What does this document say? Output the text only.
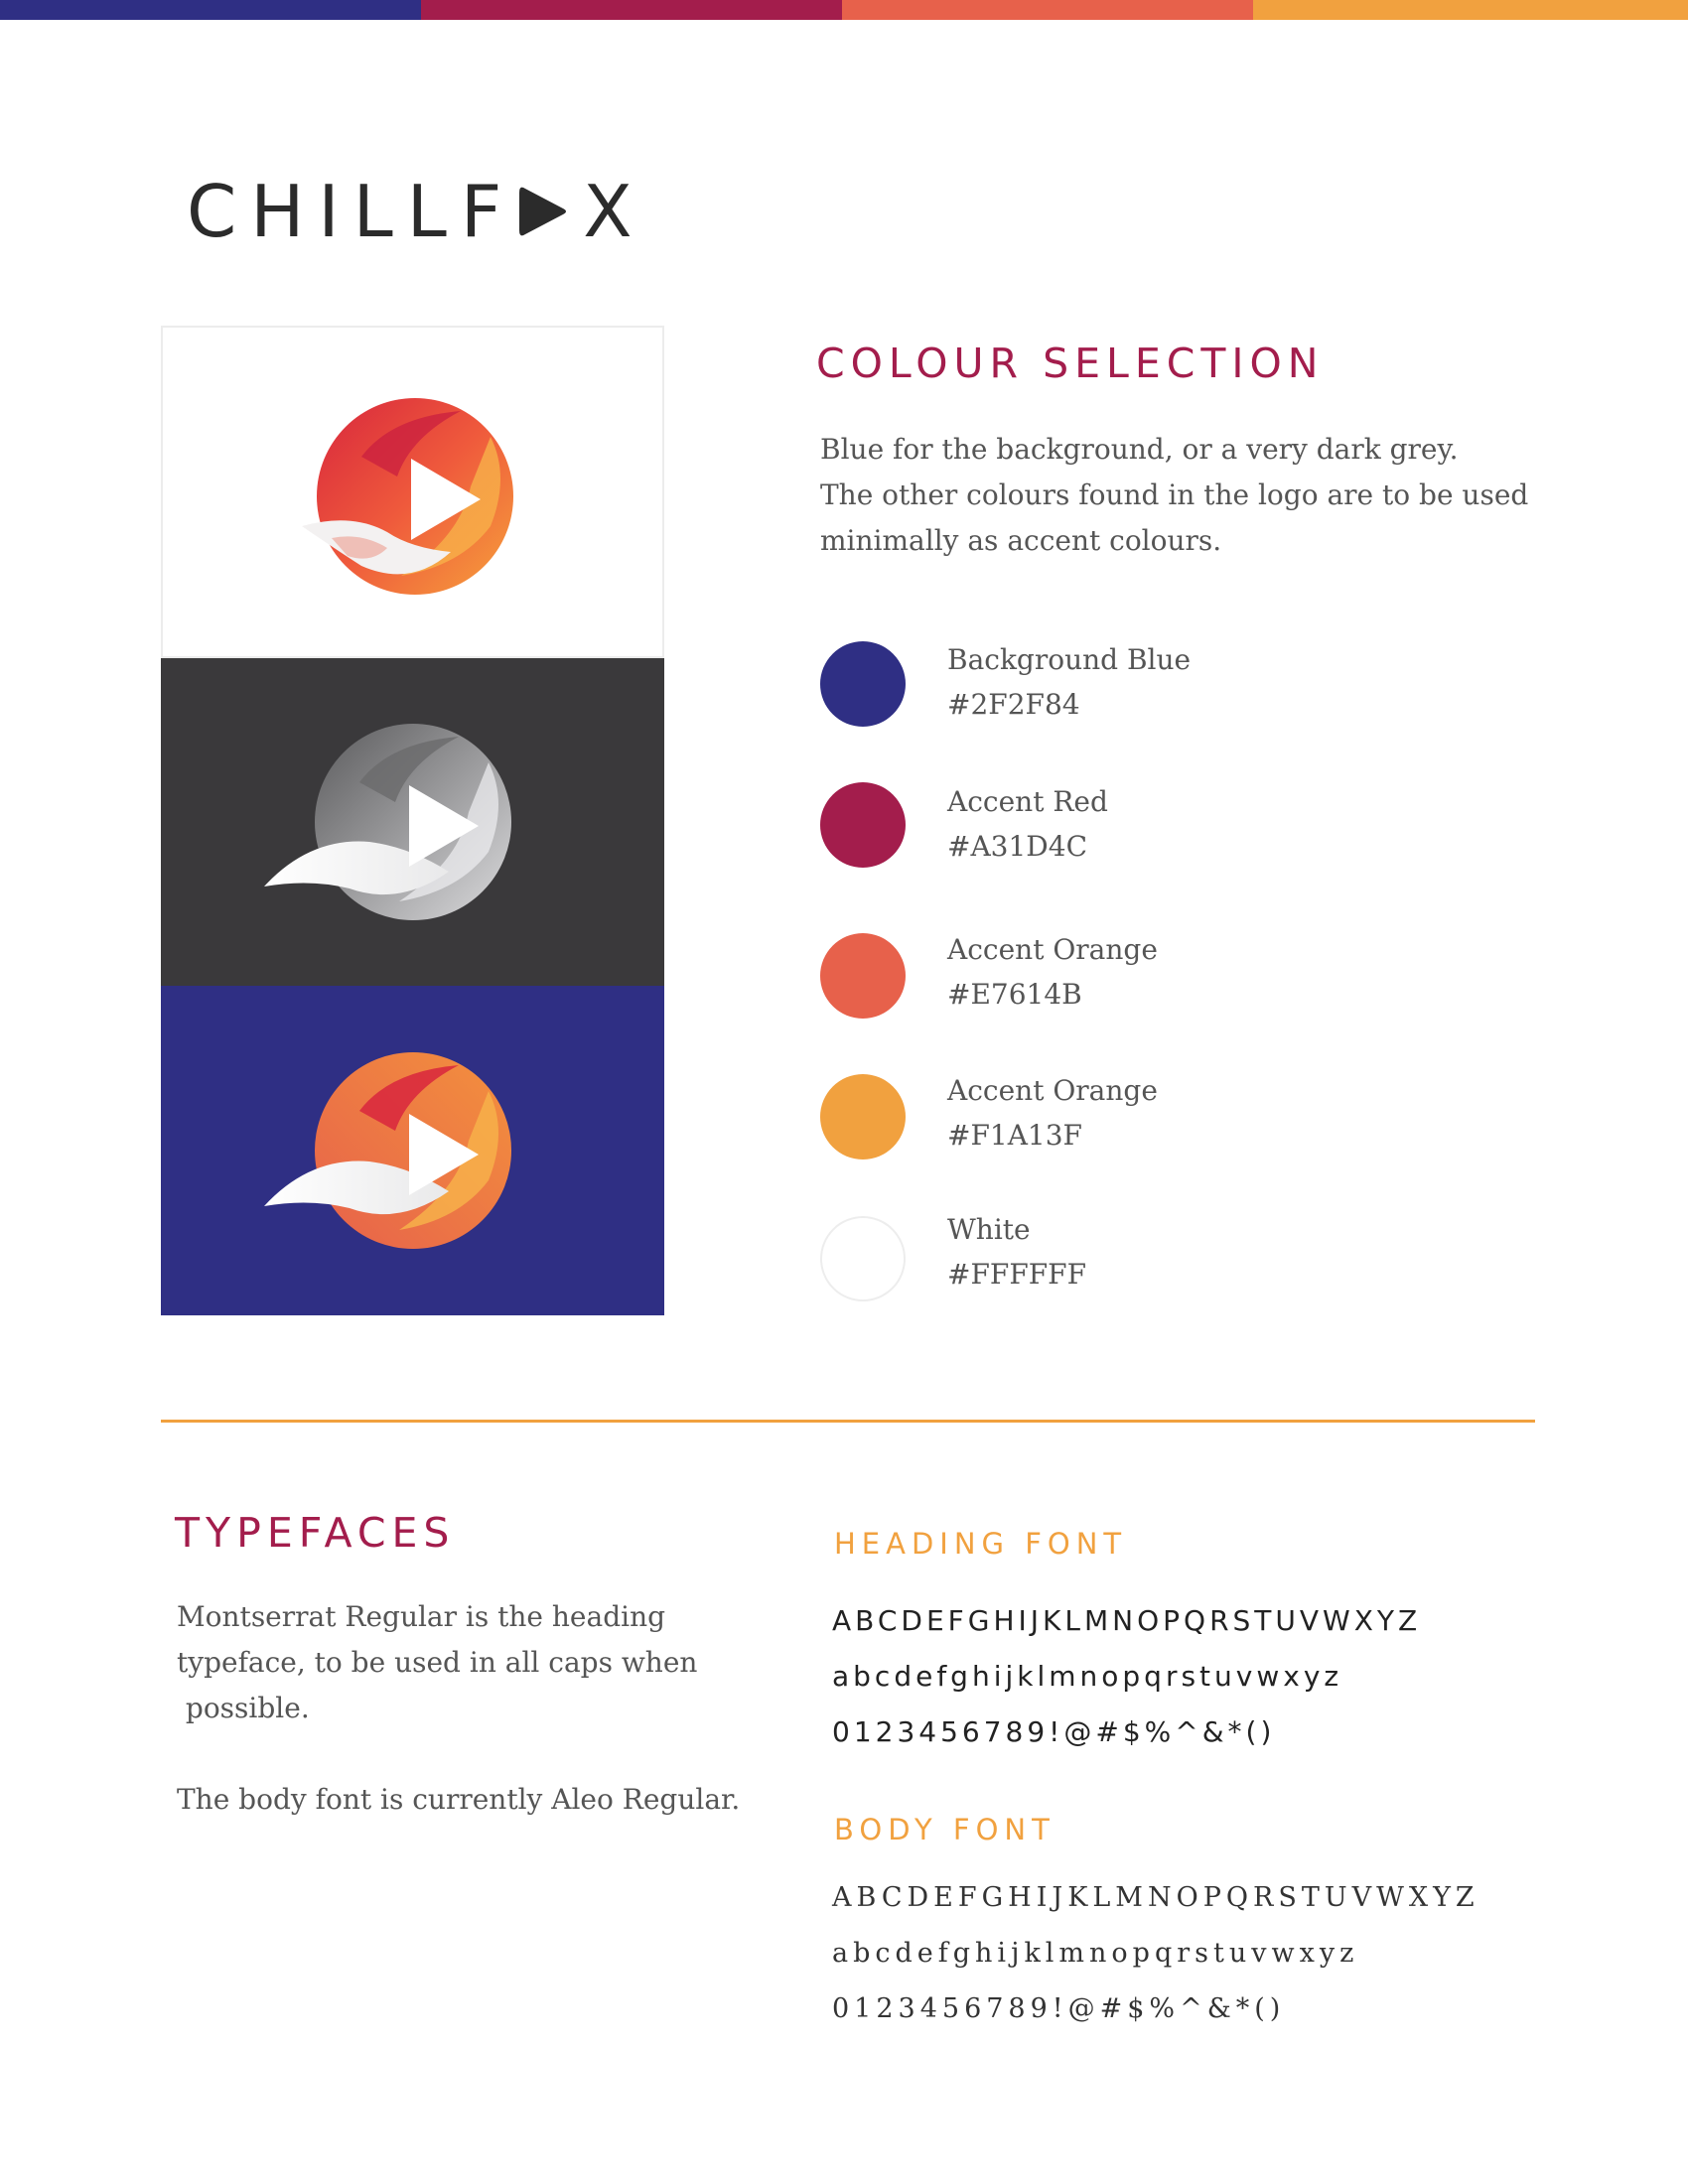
CHILLF X
COLOUR SELECTION
Blue for the background, or a very dark grey.
The other colours found in the logo are to be used
minimally as accent colours.
Background Blue
#2F2F84
Accent Red
#A31D4C
Accent Orange
#E7614B
Accent Orange
#F1A13F
White
#FFFFFF
TYPEFACES
Montserrat Regular is the heading
typeface, to be used in all caps when
possible.
The body font is currently Aleo Regular.
HEADING FONT
ABCDEFGHIJKLMNOPQRSTUVWXYZ
abcdefghijklmnopqrstuvwxyz
0123456789!@#$%^&*()
BODY FONT
ABCDEFGHIJKLMNOPQRSTUVWXYZ
abcdefghijklmnopqrstuvwxyz
0123456789!@#$%^&*()
